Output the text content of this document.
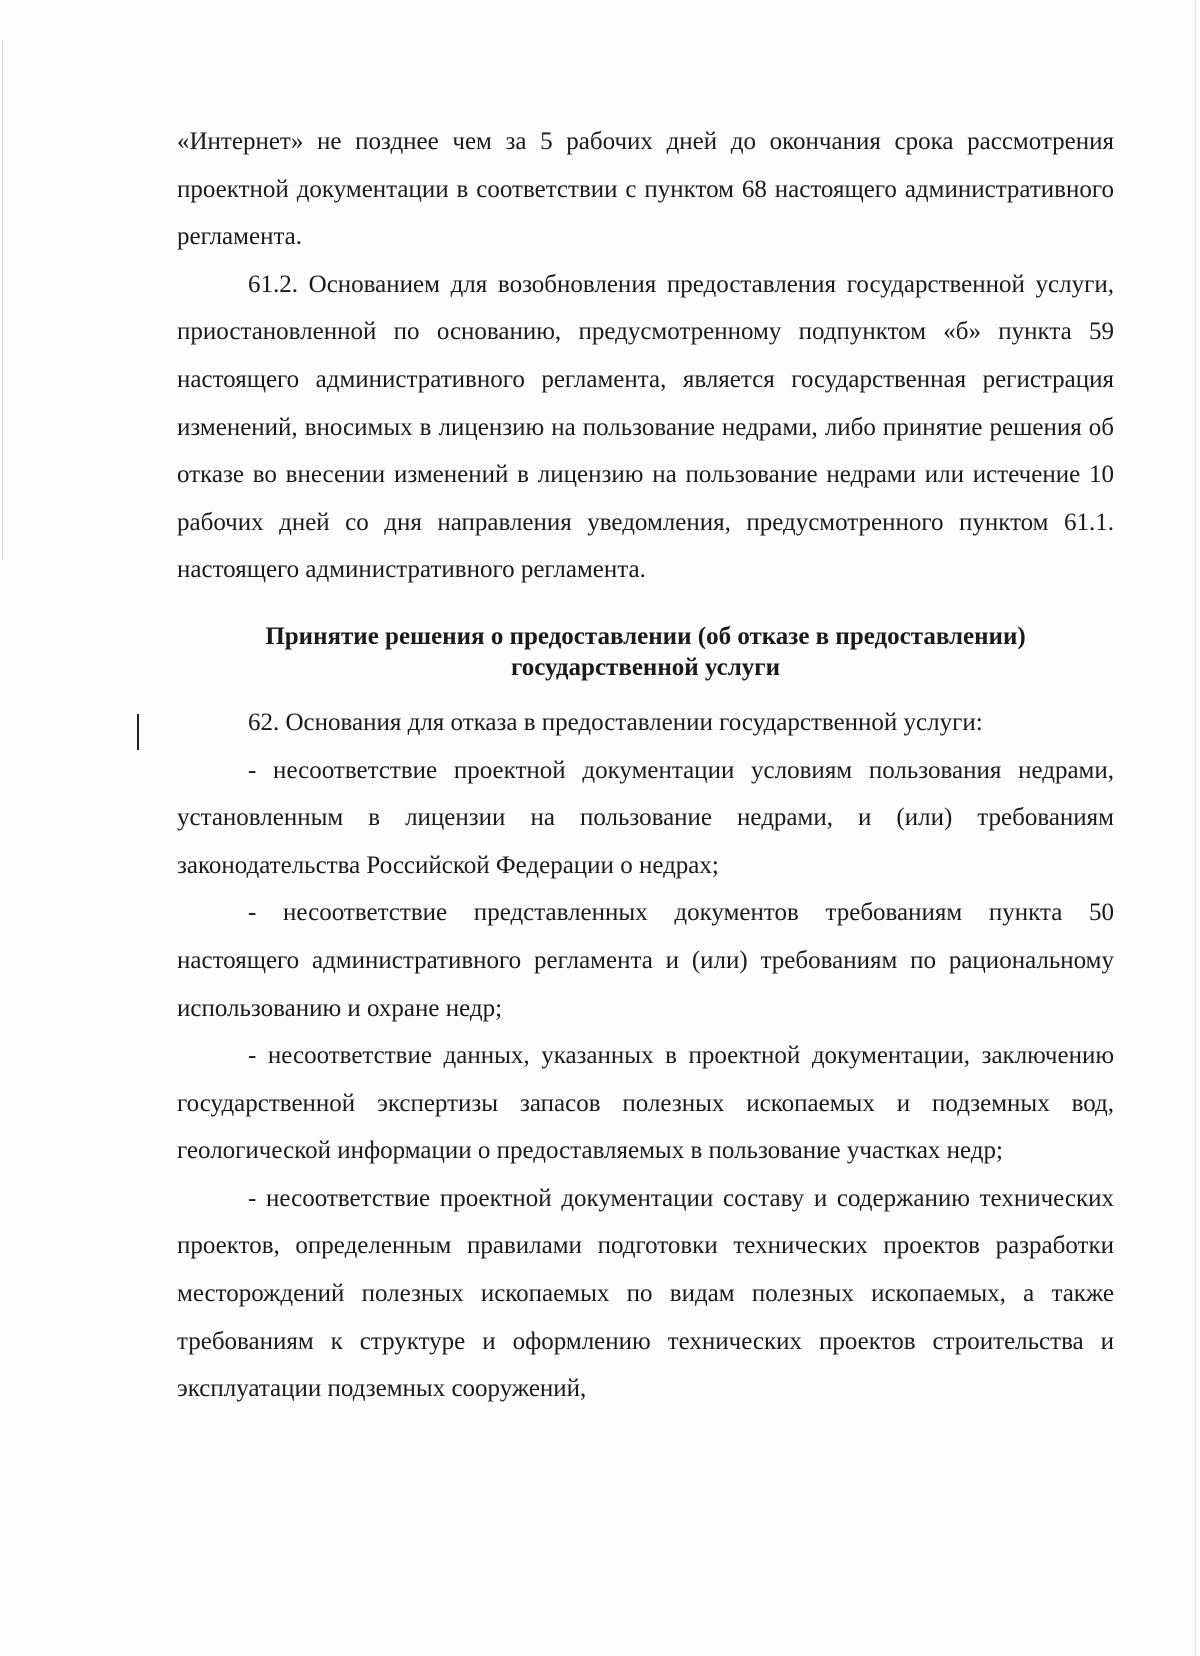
«Интернет» не позднее чем за 5 рабочих дней до окончания срока рассмотрения проектной документации в соответствии с пунктом 68 настоящего административного регламента.

61.2. Основанием для возобновления предоставления государственной услуги, приостановленной по основанию, предусмотренному подпунктом «б» пункта 59 настоящего административного регламента, является государственная регистрация изменений, вносимых в лицензию на пользование недрами, либо принятие решения об отказе во внесении изменений в лицензию на пользование недрами или истечение 10 рабочих дней со дня направления уведомления, предусмотренного пунктом 61.1. настоящего административного регламента.

Принятие решения о предоставлении (об отказе в предоставлении)
государственной услуги

62. Основания для отказа в предоставлении государственной услуги:

- несоответствие проектной документации условиям пользования недрами, установленным в лицензии на пользование недрами, и (или) требованиям законодательства Российской Федерации о недрах;

- несоответствие представленных документов требованиям пункта 50 настоящего административного регламента и (или) требованиям по рациональному использованию и охране недр;

- несоответствие данных, указанных в проектной документации, заключению государственной экспертизы запасов полезных ископаемых и подземных вод, геологической информации о предоставляемых в пользование участках недр;

- несоответствие проектной документации составу и содержанию технических проектов, определенным правилами подготовки технических проектов разработки месторождений полезных ископаемых по видам полезных ископаемых, а также требованиям к структуре и оформлению технических проектов строительства и эксплуатации подземных сооружений,
